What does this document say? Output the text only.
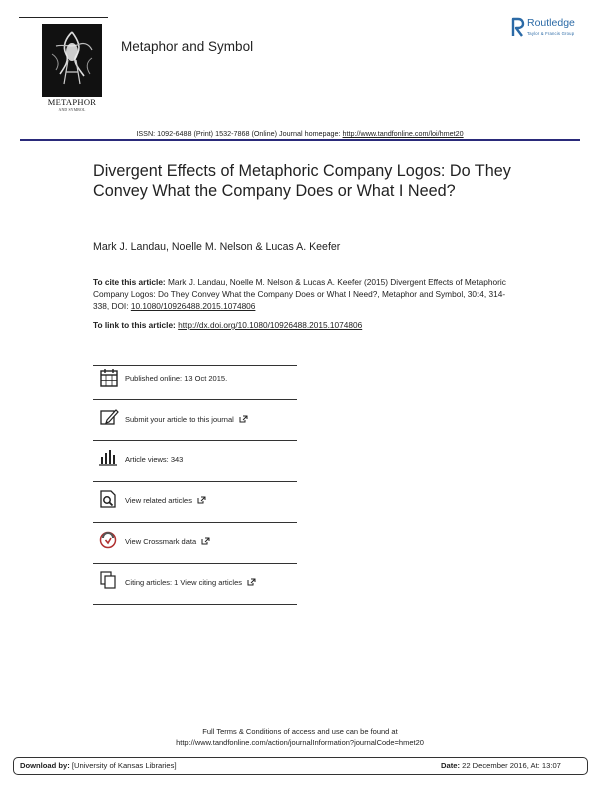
METAPHOR
AND SYMBOL
Metaphor and Symbol
Routledge
Taylor & Francis Group
ISSN: 1092-6488 (Print) 1532-7868 (Online) Journal homepage: http://www.tandfonline.com/loi/hmet20
Divergent Effects of Metaphoric Company Logos: Do They Convey What the Company Does or What I Need?
Mark J. Landau, Noelle M. Nelson & Lucas A. Keefer
To cite this article: Mark J. Landau, Noelle M. Nelson & Lucas A. Keefer (2015) Divergent Effects of Metaphoric Company Logos: Do They Convey What the Company Does or What I Need?, Metaphor and Symbol, 30:4, 314-338, DOI: 10.1080/10926488.2015.1074806
To link to this article: http://dx.doi.org/10.1080/10926488.2015.1074806
Published online: 13 Oct 2015.
Submit your article to this journal
Article views: 343
View related articles
View Crossmark data
Citing articles: 1 View citing articles
Full Terms & Conditions of access and use can be found at
http://www.tandfonline.com/action/journalInformation?journalCode=hmet20
Download by: [University of Kansas Libraries]	Date: 22 December 2016, At: 13:07
